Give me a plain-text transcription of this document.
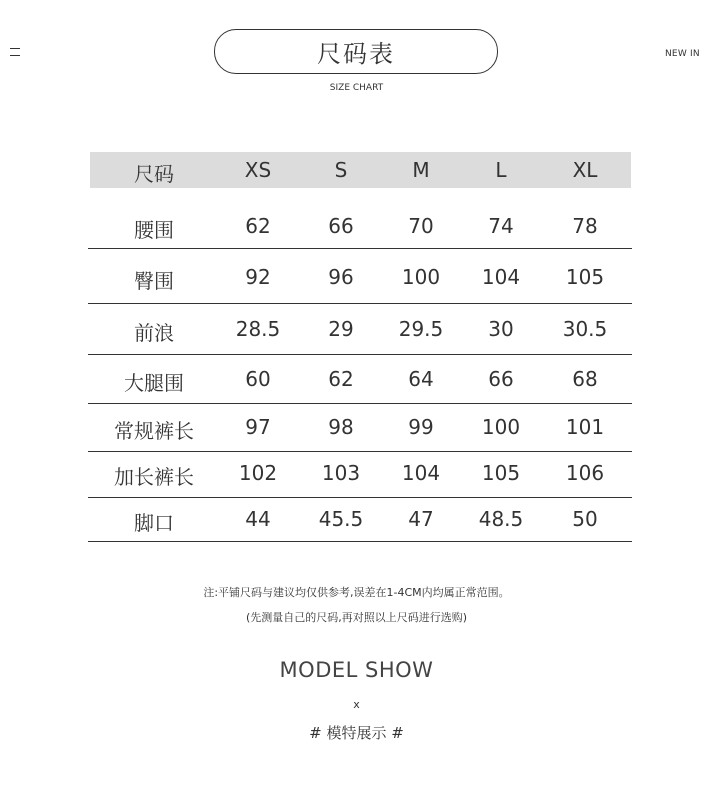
NEW IN
尺码表
SIZE CHART
尺码	XS	S	M	L	XL
腰围	62	66	70	74	78
臀围	92	96 100 104 105
前浪	28.5 29 29.5 30 30.5
大腿围	60	62	64	66	68
常规裤长	97	98	99 100 101
加长裤长 102 103 104 105 106
脚口	44 45.5 47 48.5 50
注:平铺尺码与建议均仅供参考,误差在1-4CM内均属正常范围。
(先测量自己的尺码,再对照以上尺码进行选购)
MODEL SHOW
x
# 模特展示 #
